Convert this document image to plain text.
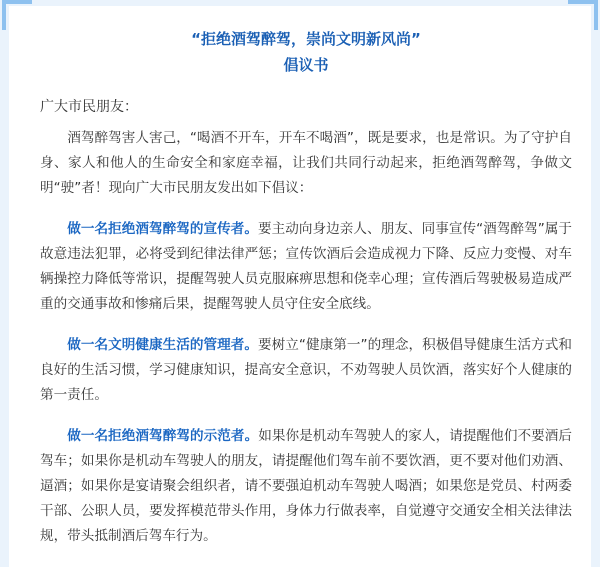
“拒绝酒驾醉驾，崇尚文明新风尚”

倡议书

广大市民朋友：

酒驾醉驾害人害己，“喝酒不开车，开车不喝酒”，既是要求，也是常识。为了守护自身、家人和他人的生命安全和家庭幸福，让我们共同行动起来，拒绝酒驾醉驾，争做文明“驶”者！现向广大市民朋友发出如下倡议：

做一名拒绝酒驾醉驾的宣传者。要主动向身边亲人、朋友、同事宣传“酒驾醉驾”属于故意违法犯罪，必将受到纪律法律严惩；宣传饮酒后会造成视力下降、反应力变慢、对车辆操控力降低等常识，提醒驾驶人员克服麻痹思想和侥幸心理；宣传酒后驾驶极易造成严重的交通事故和惨痛后果，提醒驾驶人员守住安全底线。

做一名文明健康生活的管理者。要树立“健康第一”的理念，积极倡导健康生活方式和良好的生活习惯，学习健康知识，提高安全意识，不劝驾驶人员饮酒，落实好个人健康的第一责任。

做一名拒绝酒驾醉驾的示范者。如果你是机动车驾驶人的家人，请提醒他们不要酒后驾车；如果你是机动车驾驶人的朋友，请提醒他们驾车前不要饮酒，更不要对他们劝酒、逼酒；如果你是宴请聚会组织者，请不要强迫机动车驾驶人喝酒；如果您是党员、村两委干部、公职人员，要发挥模范带头作用，身体力行做表率，自觉遵守交通安全相关法律法规，带头抵制酒后驾车行为。
